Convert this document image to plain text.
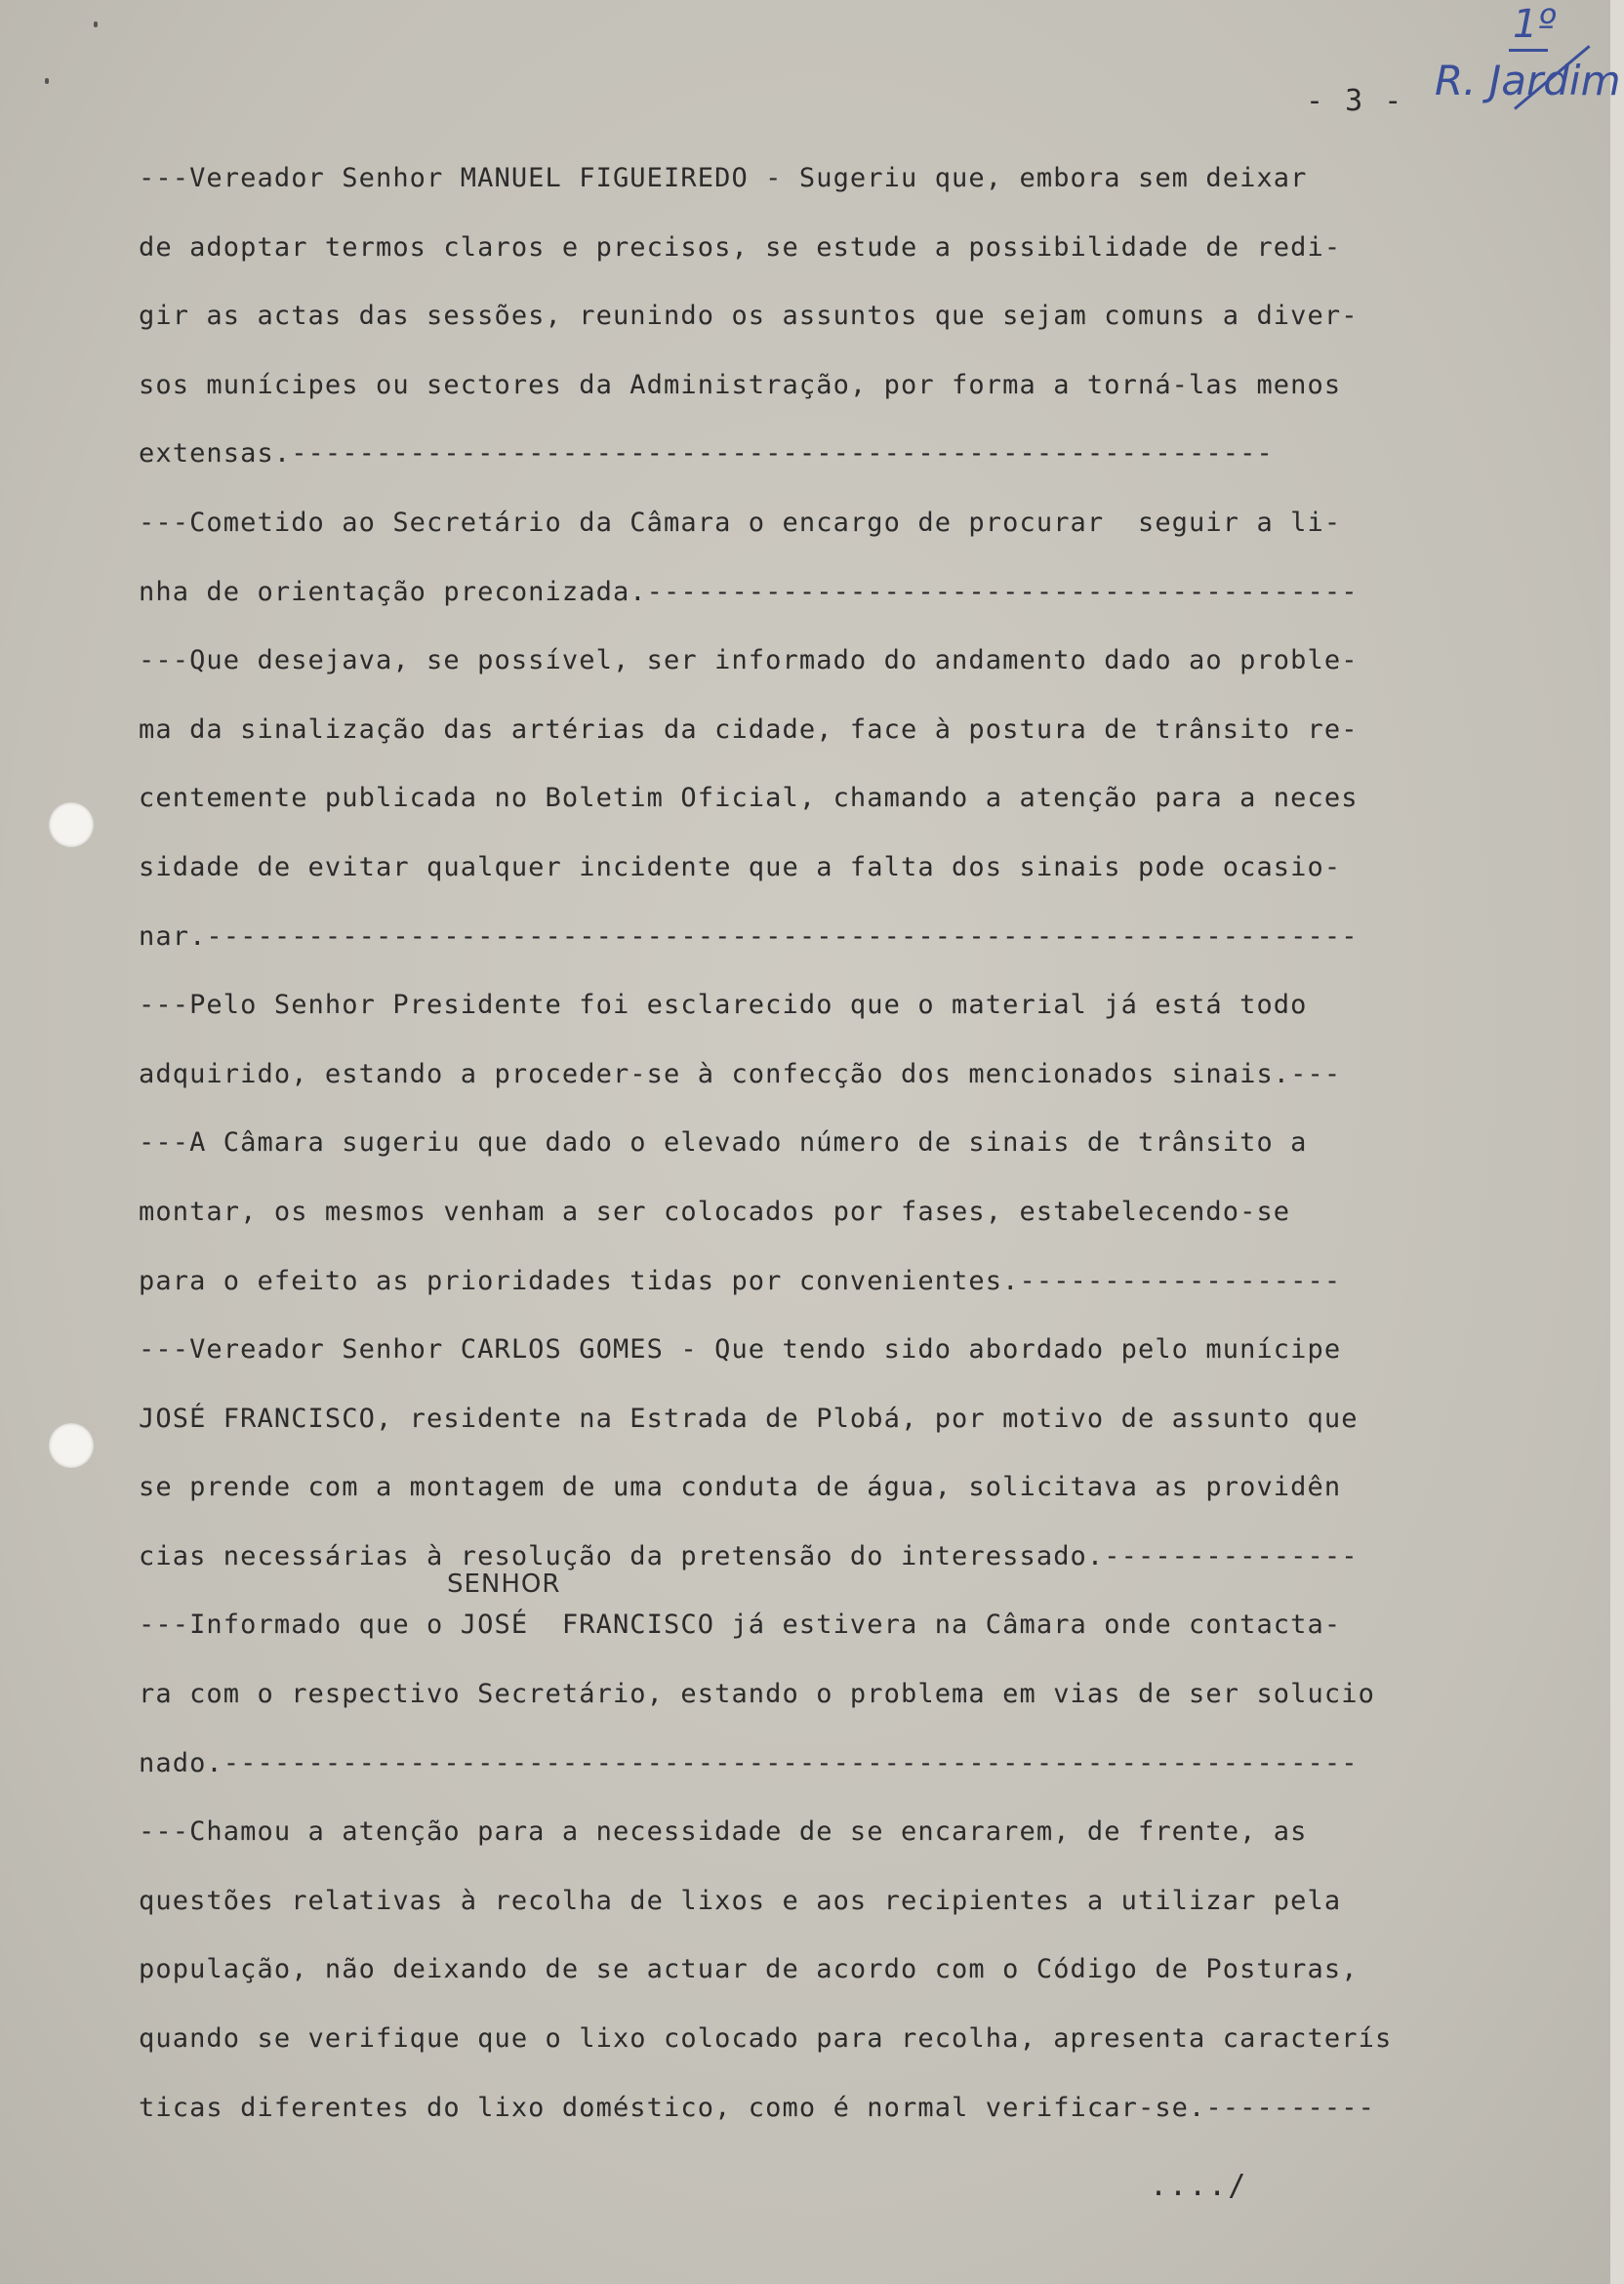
- 3 -
1º
R. Jardim
---Vereador Senhor MANUEL FIGUEIREDO - Sugeriu que, embora sem deixar
de adoptar termos claros e precisos, se estude a possibilidade de redi-
gir as actas das sessões, reunindo os assuntos que sejam comuns a diver-
sos munícipes ou sectores da Administração, por forma a torná-las menos
extensas.----------------------------------------------------------
---Cometido ao Secretário da Câmara o encargo de procurar  seguir a li-
nha de orientação preconizada.------------------------------------------
---Que desejava, se possível, ser informado do andamento dado ao proble-
ma da sinalização das artérias da cidade, face à postura de trânsito re-
centemente publicada no Boletim Oficial, chamando a atenção para a neces
sidade de evitar qualquer incidente que a falta dos sinais pode ocasio-
nar.--------------------------------------------------------------------
---Pelo Senhor Presidente foi esclarecido que o material já está todo
adquirido, estando a proceder-se à confecção dos mencionados sinais.---
---A Câmara sugeriu que dado o elevado número de sinais de trânsito a
montar, os mesmos venham a ser colocados por fases, estabelecendo-se
para o efeito as prioridades tidas por convenientes.-------------------
---Vereador Senhor CARLOS GOMES - Que tendo sido abordado pelo munícipe
JOSÉ FRANCISCO, residente na Estrada de Plobá, por motivo de assunto que
se prende com a montagem de uma conduta de água, solicitava as providên
cias necessárias à resolução da pretensão do interessado.---------------
---Informado que o JOSÉ  FRANCISCO já estivera na Câmara onde contacta-
ra com o respectivo Secretário, estando o problema em vias de ser solucio
nado.-------------------------------------------------------------------
---Chamou a atenção para a necessidade de se encararem, de frente, as
questões relativas à recolha de lixos e aos recipientes a utilizar pela
população, não deixando de se actuar de acordo com o Código de Posturas,
quando se verifique que o lixo colocado para recolha, apresenta caracterís
ticas diferentes do lixo doméstico, como é normal verificar-se.----------
SENHOR
..../
